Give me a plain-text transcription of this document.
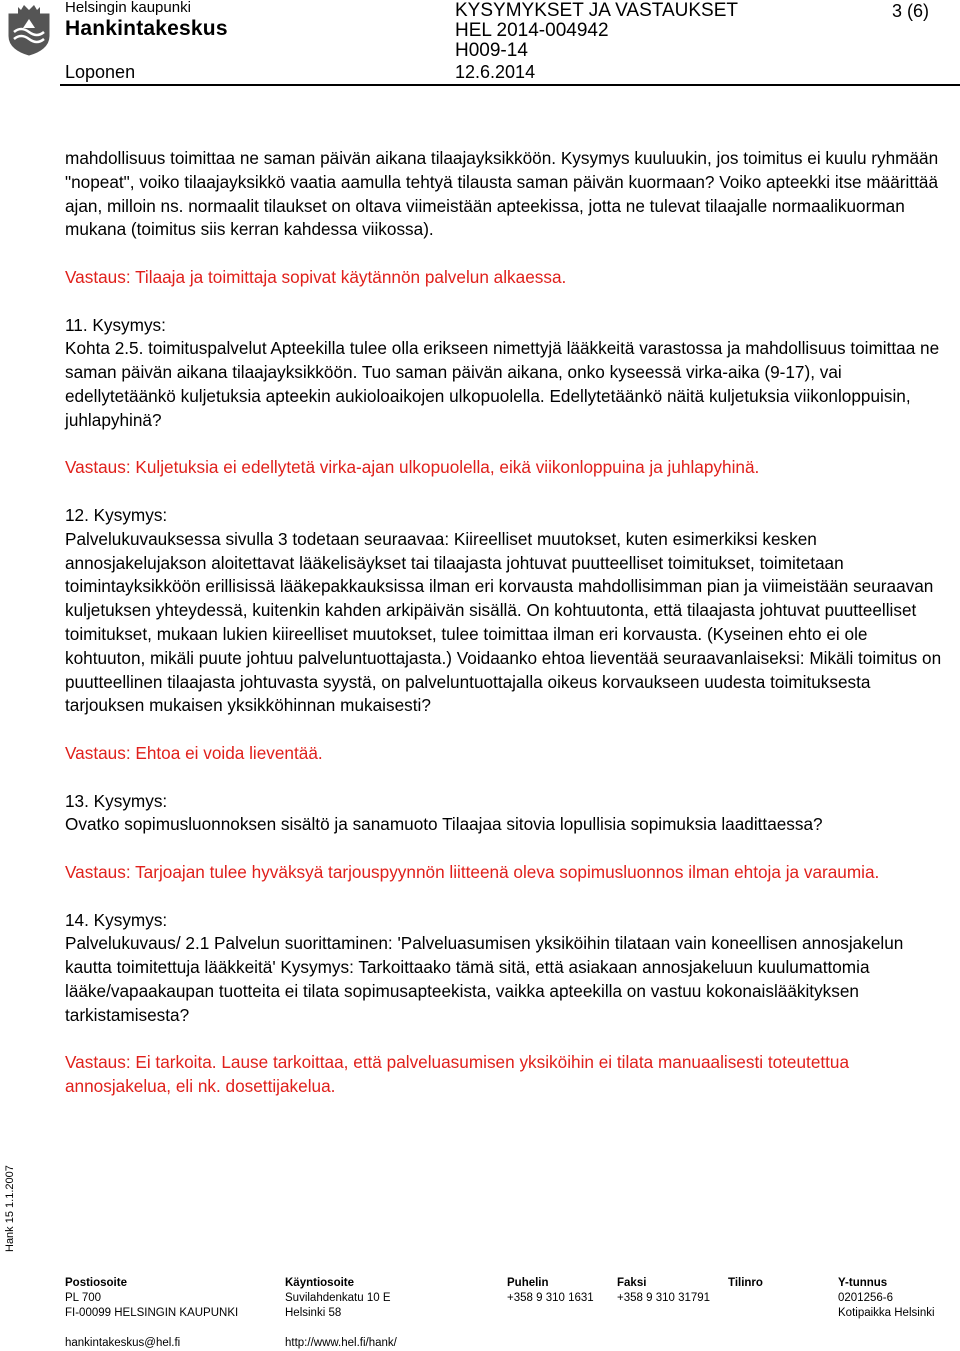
Helsingin kaupunki
Hankintakeskus
Loponen
KYSYMYKSET JA VASTAUKSET
HEL 2014-004942
H009-14
12.6.2014
3 (6)

mahdollisuus toimittaa ne saman päivän aikana tilaajayksikköön. Kysymys kuuluukin, jos toimitus ei kuulu ryhmään "nopeat", voiko tilaajayksikkö vaatia aamulla tehtyä tilausta saman päivän kuormaan? Voiko apteekki itse määrittää ajan, milloin ns. normaalit tilaukset on oltava viimeistään apteekissa, jotta ne tulevat tilaajalle normaalikuorman mukana (toimitus siis kerran kahdessa viikossa).

Vastaus: Tilaaja ja toimittaja sopivat käytännön palvelun alkaessa.

11. Kysymys:

Kohta 2.5. toimituspalvelut Apteekilla tulee olla erikseen nimettyjä lääkkeitä varastossa ja mahdollisuus toimittaa ne saman päivän aikana tilaajayksikköön. Tuo saman päivän aikana, onko kyseessä virka-aika (9-17), vai edellytetäänkö kuljetuksia apteekin aukioloaikojen ulkopuolella. Edellytetäänkö näitä kuljetuksia viikonloppuisin, juhlapyhinä?

Vastaus: Kuljetuksia ei edellytetä virka-ajan ulkopuolella, eikä viikonloppuina ja juhlapyhinä.

12. Kysymys:

Palvelukuvauksessa sivulla 3 todetaan seuraavaa: Kiireelliset muutokset, kuten esimerkiksi kesken annosjakelujakson aloitettavat lääkelisäykset tai tilaajasta johtuvat puutteelliset toimitukset, toimitetaan toimintayksikköön erillisissä lääkepakkauksissa ilman eri korvausta mahdollisimman pian ja viimeistään seuraavan kuljetuksen yhteydessä, kuitenkin kahden arkipäivän sisällä. On kohtuutonta, että tilaajasta johtuvat puutteelliset toimitukset, mukaan lukien kiireelliset muutokset, tulee toimittaa ilman eri korvausta. (Kyseinen ehto ei ole kohtuuton, mikäli puute johtuu palveluntuottajasta.) Voidaanko ehtoa lieventää seuraavanlaiseksi: Mikäli toimitus on puutteellinen tilaajasta johtuvasta syystä, on palveluntuottajalla oikeus korvaukseen uudesta toimituksesta tarjouksen mukaisen yksikköhinnan mukaisesti?

Vastaus: Ehtoa ei voida lieventää.

13. Kysymys:

Ovatko sopimusluonnoksen sisältö ja sanamuoto Tilaajaa sitovia lopullisia sopimuksia laadittaessa?

Vastaus: Tarjoajan tulee hyväksyä tarjouspyynnön liitteenä oleva sopimusluonnos ilman ehtoja ja varaumia.

14. Kysymys:

Palvelukuvaus/ 2.1 Palvelun suorittaminen: 'Palveluasumisen yksiköihin tilataan vain koneellisen annosjakelun kautta toimitettuja lääkkeitä' Kysymys: Tarkoittaako tämä sitä, että asiakaan annosjakeluun kuulumattomia lääke/vapaakaupan tuotteita ei tilata sopimusapteekista, vaikka apteekilla on vastuu kokonaislääkityksen tarkistamisesta?

Vastaus: Ei tarkoita. Lause tarkoittaa, että palveluasumisen yksiköihin ei tilata manuaalisesti toteutettua annosjakelua, eli nk. dosettijakelua.

Hank 15 1.1.2007
Postiosoite
PL 700
FI-00099 HELSINGIN KAUPUNKI
hankintakeskus@hel.fi
Käyntiosoite
Suvilahdenkatu 10 E
Helsinki 58
http://www.hel.fi/hank/
Puhelin
+358 9 310 1631
Faksi
+358 9 310 31791
Tilinro	Y-tunnus
0201256-6
Kotipaikka Helsinki
